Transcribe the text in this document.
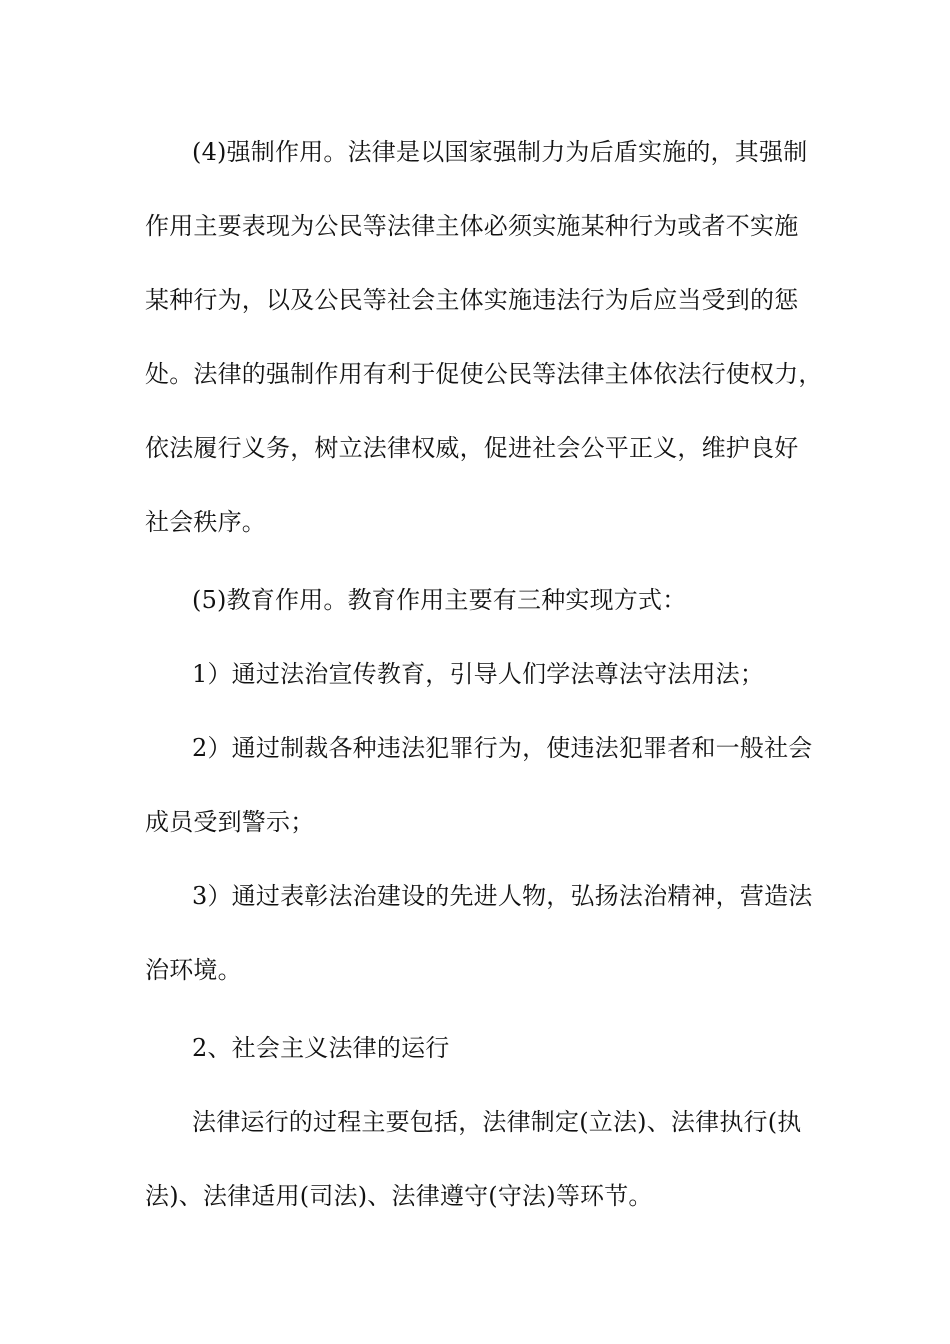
(4)强制作用。法律是以国家强制力为后盾实施的，其强制
作用主要表现为公民等法律主体必须实施某种行为或者不实施
某种行为，以及公民等社会主体实施违法行为后应当受到的惩
处。法律的强制作用有利于促使公民等法律主体依法行使权力，
依法履行义务，树立法律权威，促进社会公平正义，维护良好
社会秩序。
(5)教育作用。教育作用主要有三种实现方式：
1）通过法治宣传教育，引导人们学法尊法守法用法；
2）通过制裁各种违法犯罪行为，使违法犯罪者和一般社会
成员受到警示；
3）通过表彰法治建设的先进人物，弘扬法治精神，营造法
治环境。
2、社会主义法律的运行
法律运行的过程主要包括，法律制定(立法)、法律执行(执
法)、法律适用(司法)、法律遵守(守法)等环节。
